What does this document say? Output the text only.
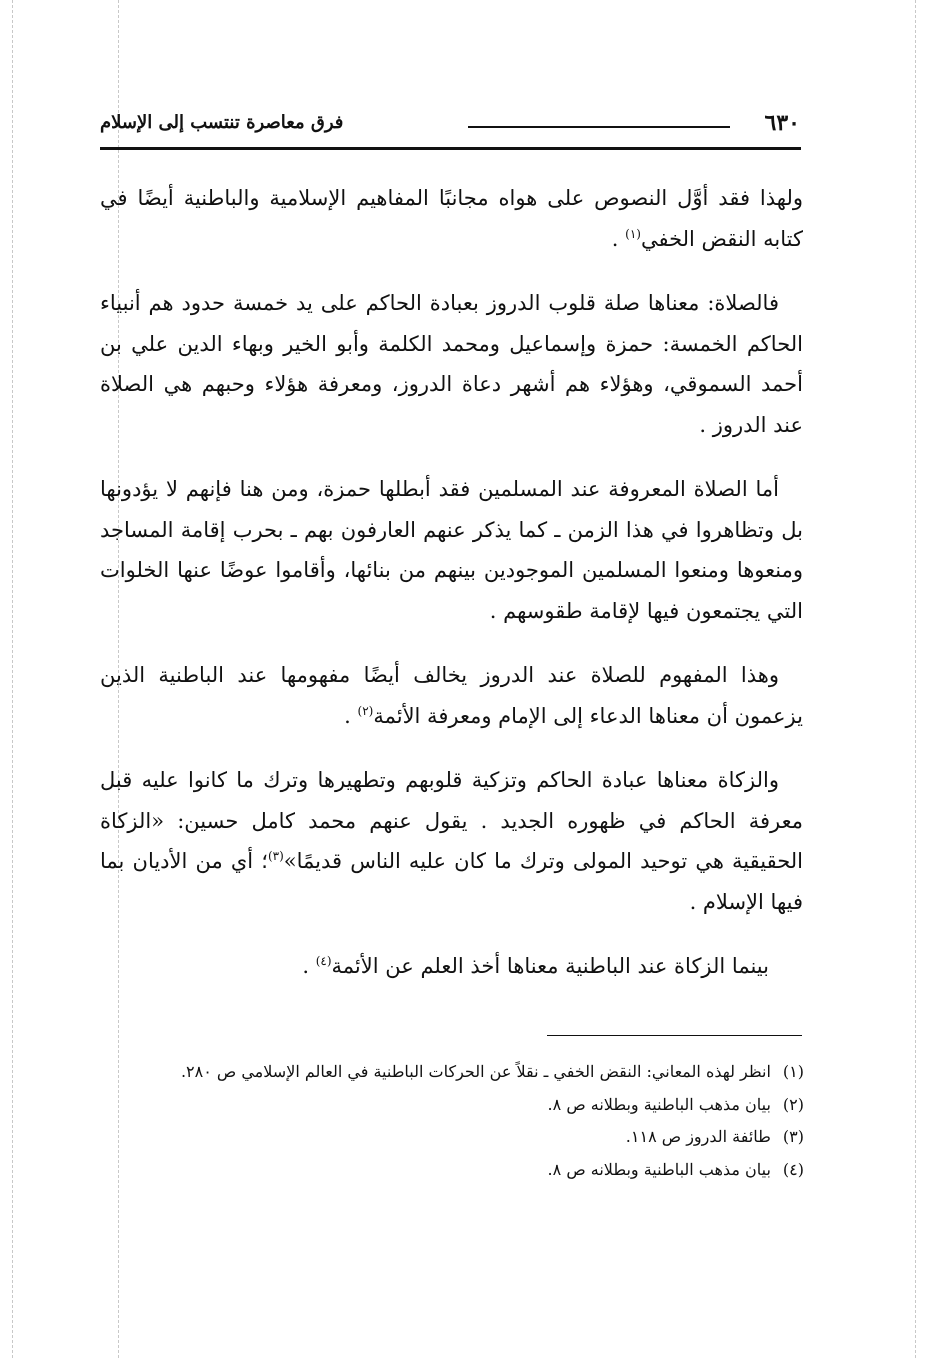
٦٣٠
فرق معاصرة تنتسب إلى الإسلام

ولهذا فقد أوَّل النصوص على هواه مجانبًا المفاهيم الإسلامية والباطنية أيضًا في كتابه النقض الخفي$^{(١)}$ .

فالصلاة: معناها صلة قلوب الدروز بعبادة الحاكم على يد خمسة حدود هم أنبياء الحاكم الخمسة: حمزة وإسماعيل ومحمد الكلمة وأبو الخير وبهاء الدين علي بن أحمد السموقي، وهؤلاء هم أشهر دعاة الدروز، ومعرفة هؤلاء وحبهم هي الصلاة عند الدروز .

أما الصلاة المعروفة عند المسلمين فقد أبطلها حمزة، ومن هنا فإنهم لا يؤدونها بل وتظاهروا في هذا الزمن ـ كما يذكر عنهم العارفون بهم ـ بحرب إقامة المساجد ومنعوها ومنعوا المسلمين الموجودين بينهم من بنائها، وأقاموا عوضًا عنها الخلوات التي يجتمعون فيها لإقامة طقوسهم .

وهذا المفهوم للصلاة عند الدروز يخالف أيضًا مفهومها عند الباطنية الذين يزعمون أن معناها الدعاء إلى الإمام ومعرفة الأئمة$^{(٢)}$ .

والزكاة معناها عبادة الحاكم وتزكية قلوبهم وتطهيرها وترك ما كانوا عليه قبل معرفة الحاكم في ظهوره الجديد . يقول عنهم محمد كامل حسين: «الزكاة الحقيقية هي توحيد المولى وترك ما كان عليه الناس قديمًا»$^{(٣)}$؛ أي من الأديان بما فيها الإسلام .

بينما الزكاة عند الباطنية معناها أخذ العلم عن الأئمة$^{(٤)}$ .

(١)انظر لهذه المعاني: النقض الخفي ـ نقلاً عن الحركات الباطنية في العالم الإسلامي ص ٢٨٠.
(٢)بيان مذهب الباطنية وبطلانه ص ٨.
(٣)طائفة الدروز ص ١١٨.
(٤)بيان مذهب الباطنية وبطلانه ص ٨.
